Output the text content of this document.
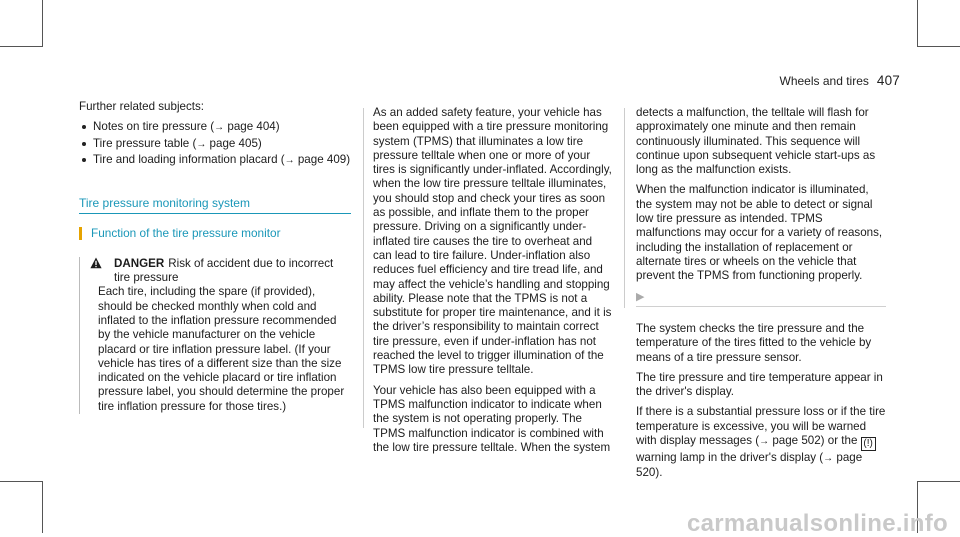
Wheels and tires 407

Further related subjects:

Notes on tire pressure (→ page 404)
Tire pressure table (→ page 405)
Tire and loading information placard (→ page 409)
Tire pressure monitoring system
Function of the tire pressure monitor
DANGER Risk of accident due to incorrect tire pressure

Each tire, including the spare (if provided), should be checked monthly when cold and inflated to the inflation pressure recommended by the vehicle manufacturer on the vehicle placard or tire inflation pressure label. (If your vehicle has tires of a different size than the size indicated on the vehicle placard or tire inflation pressure label, you should determine the proper tire inflation pressure for those tires.)

As an added safety feature, your vehicle has been equipped with a tire pressure monitoring system (TPMS) that illuminates a low tire pressure telltale when one or more of your tires is significantly under-inflated. Accordingly, when the low tire pressure telltale illuminates, you should stop and check your tires as soon as possible, and inflate them to the proper pressure. Driving on a significantly under-inflated tire causes the tire to overheat and can lead to tire failure. Under-inflation also reduces fuel efficiency and tire tread life, and may affect the vehicle’s handling and stopping ability. Please note that the TPMS is not a substitute for proper tire maintenance, and it is the driver’s responsibility to maintain correct tire pressure, even if under-inflation has not reached the level to trigger illumination of the TPMS low tire pressure telltale.

Your vehicle has also been equipped with a TPMS malfunction indicator to indicate when the system is not operating properly. The TPMS malfunction indicator is combined with the low tire pressure telltale. When the system

detects a malfunction, the telltale will flash for approximately one minute and then remain continuously illuminated. This sequence will continue upon subsequent vehicle start-ups as long as the malfunction exists.

When the malfunction indicator is illuminated, the system may not be able to detect or signal low tire pressure as intended. TPMS malfunctions may occur for a variety of reasons, including the installation of replacement or alternate tires or wheels on the vehicle that prevent the TPMS from functioning properly.

▶

The system checks the tire pressure and the temperature of the tires fitted to the vehicle by means of a tire pressure sensor.

The tire pressure and tire temperature appear in the driver's display.

If there is a substantial pressure loss or if the tire temperature is excessive, you will be warned with display messages (→ page 502) or the (!) warning lamp in the driver's display (→ page 520).

carmanualsonline.info
